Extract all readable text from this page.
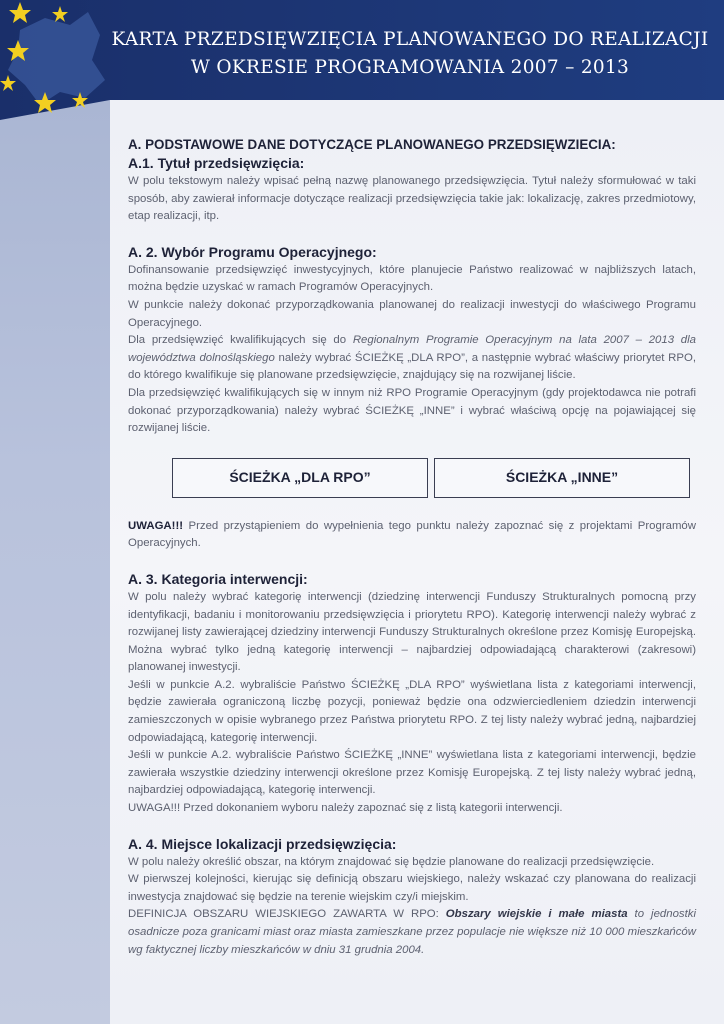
KARTA PRZEDSIĘWZIĘCIA PLANOWANEGO DO REALIZACJI
W OKRESIE PROGRAMOWANIA 2007 – 2013
A. PODSTAWOWE DANE DOTYCZĄCE PLANOWANEGO PRZEDSIĘWZIECIA:
A.1. Tytuł przedsięwzięcia:

W polu tekstowym należy wpisać pełną nazwę planowanego przedsięwzięcia. Tytuł należy sformułować w taki sposób, aby zawierał informacje dotyczące realizacji przedsięwzięcia takie jak: lokalizację, zakres przedmiotowy, etap realizacji, itp.

A. 2. Wybór Programu Operacyjnego:

Dofinansowanie przedsięwzięć inwestycyjnych, które planujecie Państwo realizować w najbliższych latach, można będzie uzyskać w ramach Programów Operacyjnych.

W punkcie należy dokonać przyporządkowania planowanej do realizacji inwestycji do właściwego Programu Operacyjnego.

Dla przedsięwzięć kwalifikujących się do Regionalnym Programie Operacyjnym na lata 2007 – 2013 dla województwa dolnośląskiego należy wybrać ŚCIEŻKĘ „DLA RPO”, a następnie wybrać właściwy priorytet RPO, do którego kwalifikuje się planowane przedsięwzięcie, znajdujący się na rozwijanej liście.

Dla przedsięwzięć kwalifikujących się w innym niż RPO Programie Operacyjnym (gdy projektodawca nie potrafi dokonać przyporządkowania) należy wybrać ŚCIEŻKĘ „INNE” i wybrać właściwą opcję na pojawiającej się rozwijanej liście.

ŚCIEŻKA „DLA RPO”	ŚCIEŻKA „INNE”

UWAGA!!! Przed przystąpieniem do wypełnienia tego punktu należy zapoznać się z projektami Programów Operacyjnych.

A. 3. Kategoria interwencji:

W polu należy wybrać kategorię interwencji (dziedzinę interwencji Funduszy Strukturalnych pomocną przy identyfikacji, badaniu i monitorowaniu przedsięwzięcia i priorytetu RPO). Kategorię interwencji należy wybrać z rozwijanej listy zawierającej dziedziny interwencji Funduszy Strukturalnych określone przez Komisję Europejską. Można wybrać tylko jedną kategorię interwencji – najbardziej odpowiadającą charakterowi (zakresowi) planowanej inwestycji.

Jeśli w punkcie A.2. wybraliście Państwo ŚCIEŻKĘ „DLA RPO” wyświetlana lista z kategoriami interwencji, będzie zawierała ograniczoną liczbę pozycji, ponieważ będzie ona odzwierciedleniem dziedzin interwencji zamieszczonych w opisie wybranego przez Państwa priorytetu RPO. Z tej listy należy wybrać jedną, najbardziej odpowiadającą, kategorię interwencji.

Jeśli w punkcie A.2. wybraliście Państwo ŚCIEŻKĘ „INNE” wyświetlana lista z kategoriami interwencji, będzie zawierała wszystkie dziedziny interwencji określone przez Komisję Europejską. Z tej listy należy wybrać jedną, najbardziej odpowiadającą, kategorię interwencji.

UWAGA!!! Przed dokonaniem wyboru należy zapoznać się z listą kategorii interwencji.

A. 4. Miejsce lokalizacji przedsięwzięcia:

W polu należy określić obszar, na którym znajdować się będzie planowane do realizacji przedsięwzięcie.

W pierwszej kolejności, kierując się definicją obszaru wiejskiego, należy wskazać czy planowana do realizacji inwestycja znajdować się będzie na terenie wiejskim czy/i miejskim.

DEFINICJA OBSZARU WIEJSKIEGO ZAWARTA W RPO: Obszary wiejskie i małe miasta to jednostki osadnicze poza granicami miast oraz miasta zamieszkane przez populacje nie większe niż 10 000 mieszkańców wg faktycznej liczby mieszkańców w dniu 31 grudnia 2004.
